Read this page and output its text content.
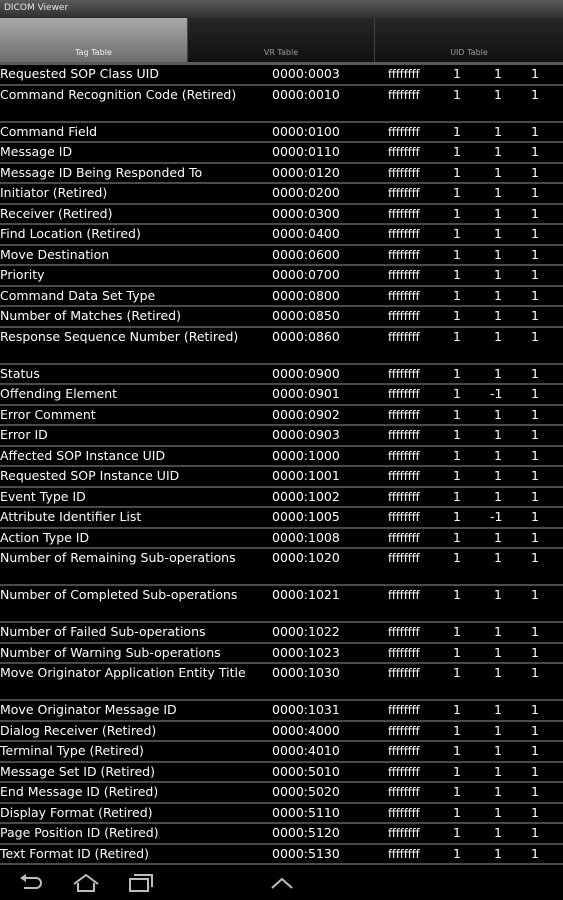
DICOM Viewer
Tag Table	VR Table	UID Table
Requested SOP Class UID	0000:0003	ffffffff	1	1 1
Command Recognition Code (Retired)	0000:0010	ffffffff	1	1 1
Command Field	0000:0100	ffffffff	1	1 1
Message ID	0000:0110	ffffffff	1	1 1
Message ID Being Responded To	0000:0120	ffffffff	1	1 1
Initiator (Retired)	0000:0200	ffffffff	1	1 1
Receiver (Retired)	0000:0300	ffffffff	1	1 1
Find Location (Retired)	0000:0400	ffffffff	1	1 1
Move Destination	0000:0600	ffffffff	1	1 1
Priority	0000:0700	ffffffff	1	1 1
Command Data Set Type	0000:0800	ffffffff	1	1 1
Number of Matches (Retired)	0000:0850	ffffffff	1	1 1
Response Sequence Number (Retired)	0000:0860	ffffffff	1	1 1
Status	0000:0900	ffffffff	1	1 1
Offending Element	0000:0901	ffffffff	1 -1 1
Error Comment	0000:0902	ffffffff	1	1 1
Error ID	0000:0903	ffffffff	1	1 1
Affected SOP Instance UID	0000:1000	ffffffff	1	1 1
Requested SOP Instance UID	0000:1001	ffffffff	1	1 1
Event Type ID	0000:1002	ffffffff	1	1 1
Attribute Identifier List	0000:1005	ffffffff	1 -1 1
Action Type ID	0000:1008	ffffffff	1	1 1
Number of Remaining Sub-operations	0000:1020	ffffffff	1	1 1
Number of Completed Sub-operations	0000:1021	ffffffff	1	1 1
Number of Failed Sub-operations	0000:1022	ffffffff	1	1 1
Number of Warning Sub-operations	0000:1023	ffffffff	1	1 1
Move Originator Application Entity Title	0000:1030	ffffffff	1	1 1
Move Originator Message ID	0000:1031	ffffffff	1	1 1
Dialog Receiver (Retired)	0000:4000	ffffffff	1	1 1
Terminal Type (Retired)	0000:4010	ffffffff	1	1 1
Message Set ID (Retired)	0000:5010	ffffffff	1	1 1
End Message ID (Retired)	0000:5020	ffffffff	1	1 1
Display Format (Retired)	0000:5110	ffffffff	1	1 1
Page Position ID (Retired)	0000:5120	ffffffff	1	1 1
Text Format ID (Retired)	0000:5130	ffffffff	1	1 1
